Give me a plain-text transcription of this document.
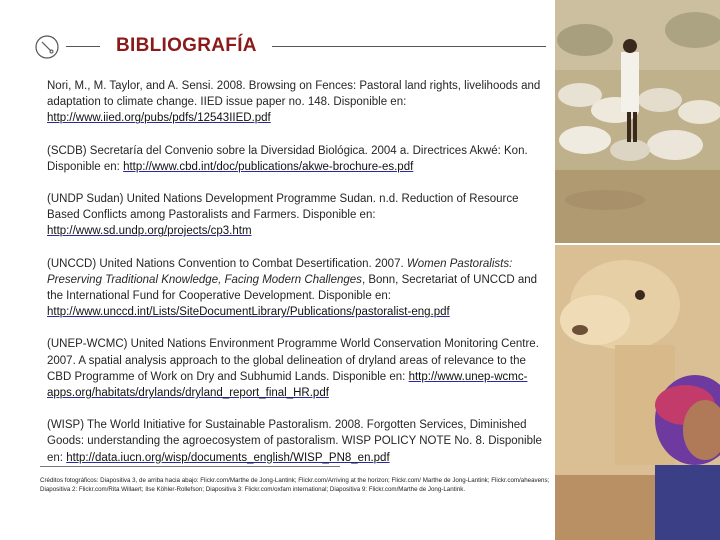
BIBLIOGRAFÍA
Nori, M., M. Taylor, and A. Sensi. 2008. Browsing on Fences: Pastoral land rights, livelihoods and adaptation to climate change. IIED issue paper no. 148. Disponible en: http://www.iied.org/pubs/pdfs/12543IIED.pdf
(SCDB) Secretaría del Convenio sobre la Diversidad Biológica. 2004 a. Directrices Akwé: Kon. Disponible en: http://www.cbd.int/doc/publications/akwe-brochure-es.pdf
(UNDP Sudan) United Nations Development Programme Sudan. n.d. Reduction of Resource Based Conflicts among Pastoralists and Farmers. Disponible en: http://www.sd.undp.org/projects/cp3.htm
(UNCCD) United Nations Convention to Combat Desertification. 2007. Women Pastoralists: Preserving Traditional Knowledge, Facing Modern Challenges, Bonn, Secretariat of UNCCD and the International Fund for Cooperative Development. Disponible en: http://www.unccd.int/Lists/SiteDocumentLibrary/Publications/pastoralist-eng.pdf
(UNEP-WCMC) United Nations Environment Programme World Conservation Monitoring Centre. 2007. A spatial analysis approach to the global delineation of dryland areas of relevance to the CBD Programme of Work on Dry and Subhumid Lands. Disponible en: http://www.unep-wcmc-apps.org/habitats/drylands/dryland_report_final_HR.pdf
(WISP) The World Initiative for Sustainable Pastoralism. 2008. Forgotten Services, Diminished Goods: understanding the agroecosystem of pastoralism. WISP POLICY NOTE No. 8. Disponible en: http://data.iucn.org/wisp/documents_english/WISP_PN8_en.pdf
Créditos fotográficos: Diapositiva 3, de arriba hacia abajo: Flickr.com/Marthe de Jong-Lantink; Flickr.com/Arriving at the horizon; Flickr.com/ Marthe de Jong-Lantink; Flickr.com/aheavens; Diapositiva 2: Flickr.com/Rita Willaert; Ilse Köhler-Rollefson; Diapositiva 3: Flickr.com/oxfam international; Diapositiva 9: Flickr.com/Marthe de Jong-Lantink.
